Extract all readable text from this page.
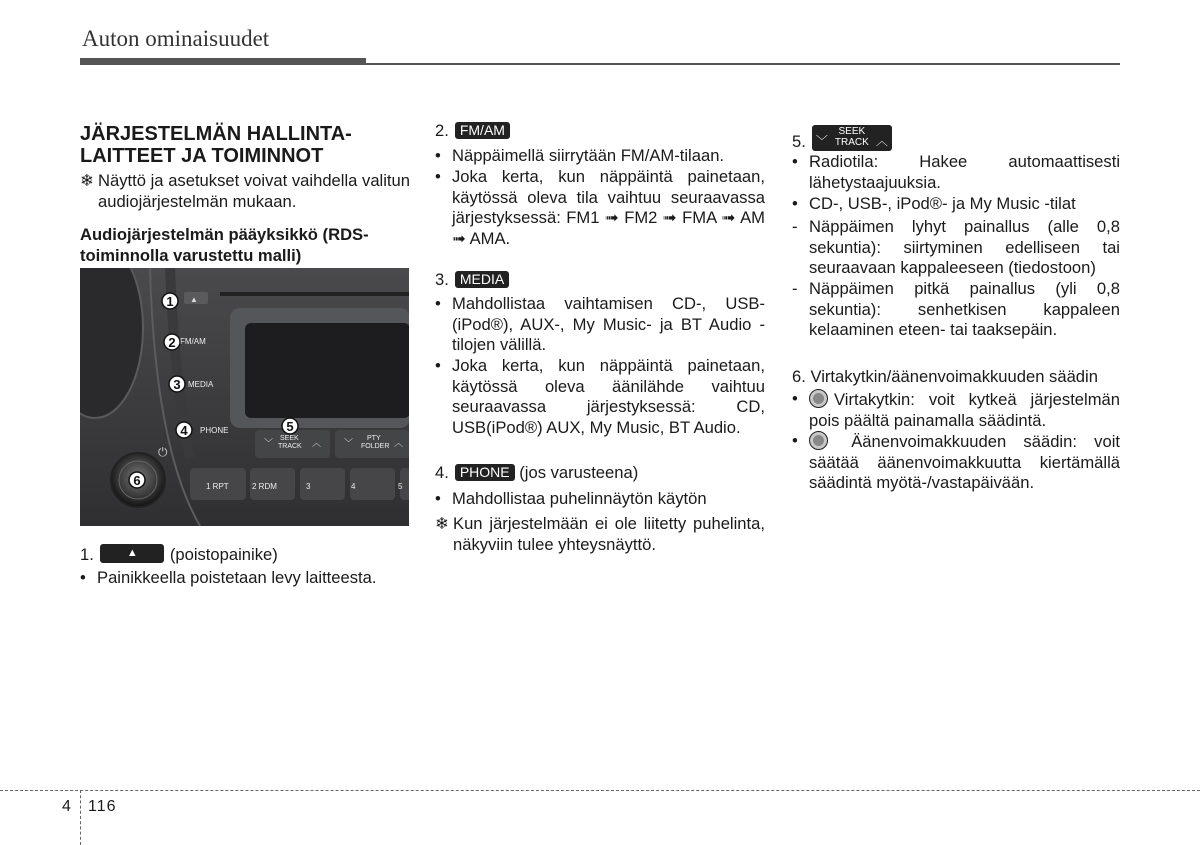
Auton ominaisuudet
JÄRJESTELMÄN HALLINTA-LAITTEET JA TOIMINNOT
❄ Näyttö ja asetukset voivat vaihdella valitun audiojärjestelmän mukaan.
Audiojärjestelmän pääyksikkö (RDS-toiminnolla varustettu malli)
▲
FM/AM
MEDIA
PHONE
SEEK
TRACK
﹀	︿	PTY
FOLDER
﹀	︿
1 RPT	2 RDM	3	4	5
⏻
1
2
3
4	5
6
1.	▲ (poistopainike)
• Painikkeella poistetaan levy laitteesta.
2. FM/AM
• Näppäimellä siirrytään FM/AM-tilaan.
• Joka kerta, kun näppäintä painetaan, käytössä oleva tila vaihtuu seuraavassa järjestyksessä: FM1 ➟ FM2 ➟ FMA ➟ AM ➟ AMA.
3. MEDIA
• Mahdollistaa vaihtamisen CD-, USB-(iPod®), AUX-, My Music- ja BT Audio -tilojen välillä.
• Joka kerta, kun näppäintä painetaan, käytössä oleva äänilähde vaihtuu seuraavassa järjestyksessä: CD, USB(iPod®) AUX, My Music, BT Audio.
4. PHONE (jos varusteena)
• Mahdollistaa puhelinnäytön käytön
❄ Kun järjestelmään ei ole liitetty puhelinta, näkyviin tulee yhteysnäyttö.
5. ﹀
SEEK
TRACK ︿
• Radiotila: Hakee automaattisesti lähetystaajuuksia.
• CD-, USB-, iPod®- ja My Music -tilat
- Näppäimen lyhyt painallus (alle 0,8 sekuntia): siirtyminen edelliseen tai seuraavaan kappaleeseen (tiedostoon)
- Näppäimen pitkä painallus (yli 0,8 sekuntia): senhetkisen kappaleen kelaaminen eteen- tai taaksepäin.
6. Virtakytkin/äänenvoimakkuuden säädin
•	Virtakytkin: voit kytkeä järjestelmän pois päältä painamalla säädintä.
•	Äänenvoimakkuuden säädin: voit säätää äänenvoimakkuutta kiertämällä säädintä myötä-/vastapäivään.
4 116
